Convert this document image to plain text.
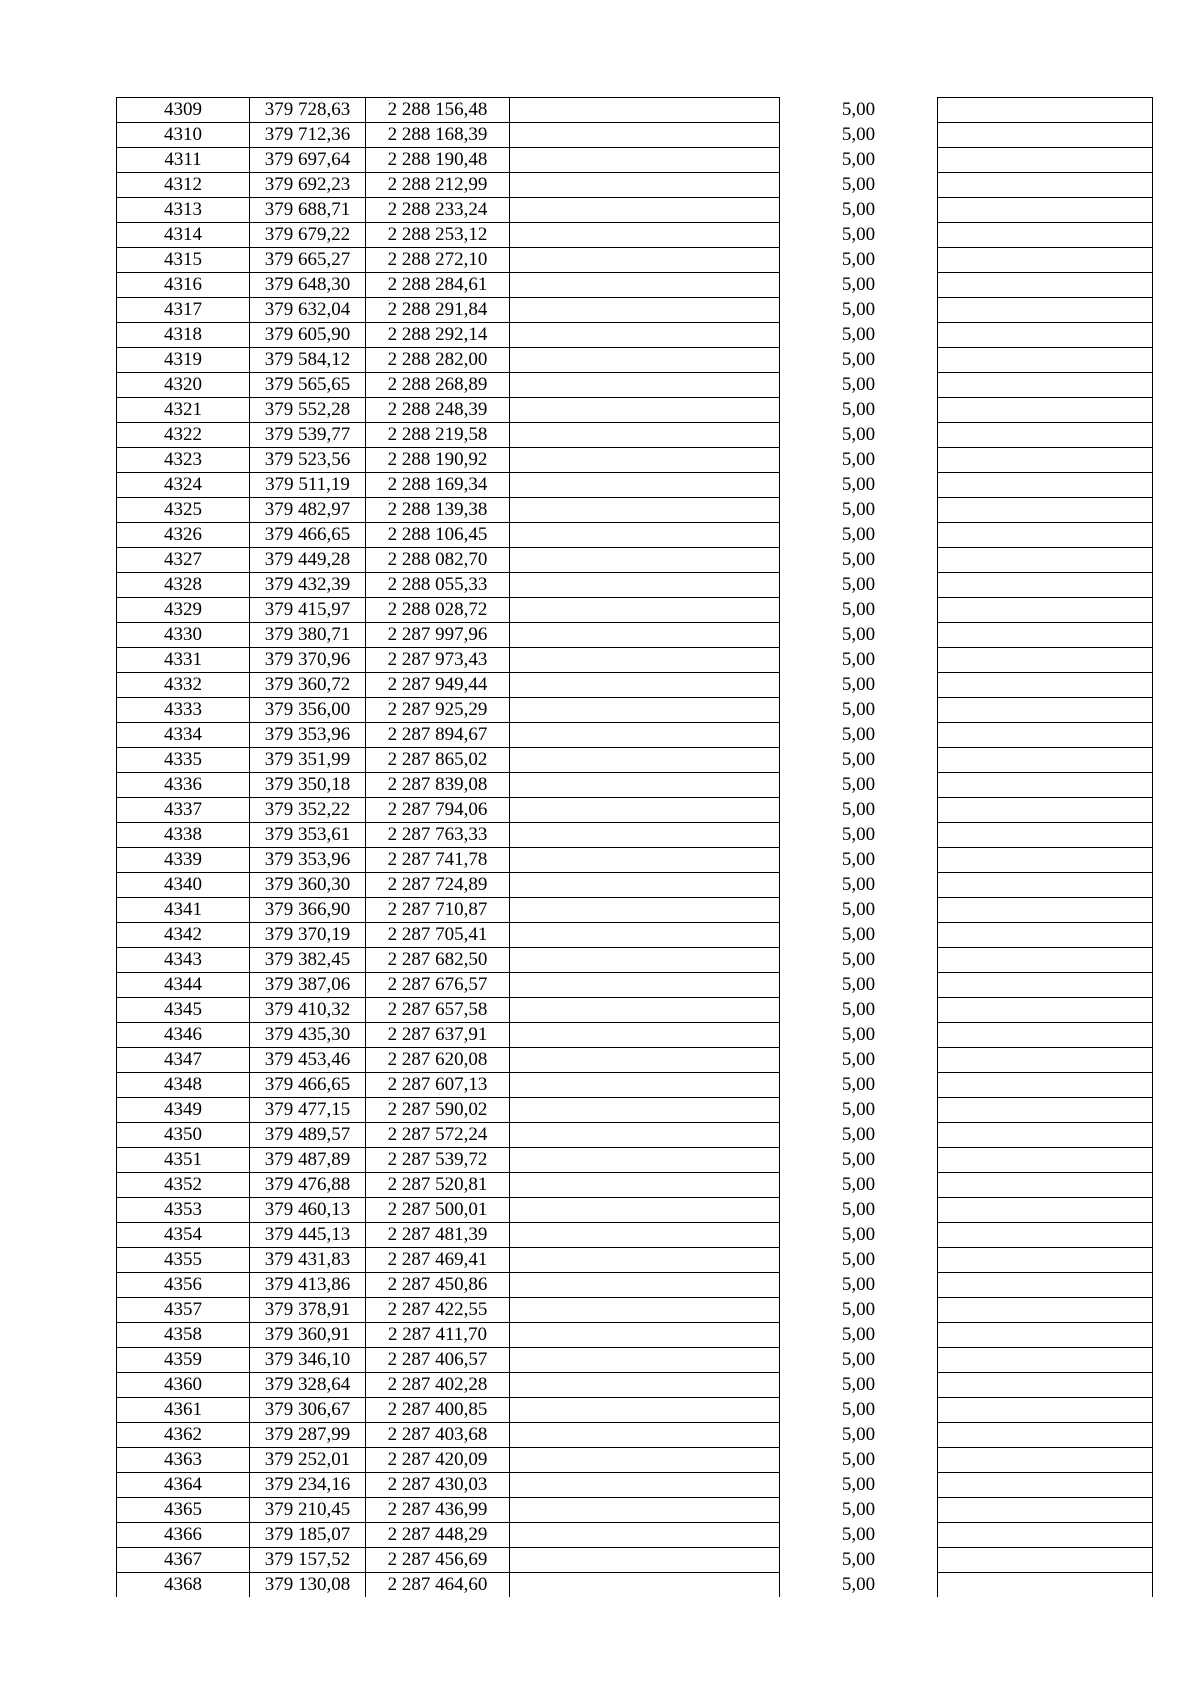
4309	379 728,63	2 288 156,48		5,00	
4310	379 712,36	2 288 168,39		5,00	
4311	379 697,64	2 288 190,48		5,00	
4312	379 692,23	2 288 212,99		5,00	
4313	379 688,71	2 288 233,24		5,00	
4314	379 679,22	2 288 253,12		5,00	
4315	379 665,27	2 288 272,10		5,00	
4316	379 648,30	2 288 284,61		5,00	
4317	379 632,04	2 288 291,84		5,00	
4318	379 605,90	2 288 292,14		5,00	
4319	379 584,12	2 288 282,00		5,00	
4320	379 565,65	2 288 268,89		5,00	
4321	379 552,28	2 288 248,39		5,00	
4322	379 539,77	2 288 219,58		5,00	
4323	379 523,56	2 288 190,92		5,00	
4324	379 511,19	2 288 169,34		5,00	
4325	379 482,97	2 288 139,38		5,00	
4326	379 466,65	2 288 106,45		5,00	
4327	379 449,28	2 288 082,70		5,00	
4328	379 432,39	2 288 055,33		5,00	
4329	379 415,97	2 288 028,72		5,00	
4330	379 380,71	2 287 997,96		5,00	
4331	379 370,96	2 287 973,43		5,00	
4332	379 360,72	2 287 949,44		5,00	
4333	379 356,00	2 287 925,29		5,00	
4334	379 353,96	2 287 894,67		5,00	
4335	379 351,99	2 287 865,02		5,00	
4336	379 350,18	2 287 839,08		5,00	
4337	379 352,22	2 287 794,06		5,00	
4338	379 353,61	2 287 763,33		5,00	
4339	379 353,96	2 287 741,78		5,00	
4340	379 360,30	2 287 724,89		5,00	
4341	379 366,90	2 287 710,87		5,00	
4342	379 370,19	2 287 705,41		5,00	
4343	379 382,45	2 287 682,50		5,00	
4344	379 387,06	2 287 676,57		5,00	
4345	379 410,32	2 287 657,58		5,00	
4346	379 435,30	2 287 637,91		5,00	
4347	379 453,46	2 287 620,08		5,00	
4348	379 466,65	2 287 607,13		5,00	
4349	379 477,15	2 287 590,02		5,00	
4350	379 489,57	2 287 572,24		5,00	
4351	379 487,89	2 287 539,72		5,00	
4352	379 476,88	2 287 520,81		5,00	
4353	379 460,13	2 287 500,01		5,00	
4354	379 445,13	2 287 481,39		5,00	
4355	379 431,83	2 287 469,41		5,00	
4356	379 413,86	2 287 450,86		5,00	
4357	379 378,91	2 287 422,55		5,00	
4358	379 360,91	2 287 411,70		5,00	
4359	379 346,10	2 287 406,57		5,00	
4360	379 328,64	2 287 402,28		5,00	
4361	379 306,67	2 287 400,85		5,00	
4362	379 287,99	2 287 403,68		5,00	
4363	379 252,01	2 287 420,09		5,00	
4364	379 234,16	2 287 430,03		5,00	
4365	379 210,45	2 287 436,99		5,00	
4366	379 185,07	2 287 448,29		5,00	
4367	379 157,52	2 287 456,69		5,00	
4368	379 130,08	2 287 464,60		5,00	
